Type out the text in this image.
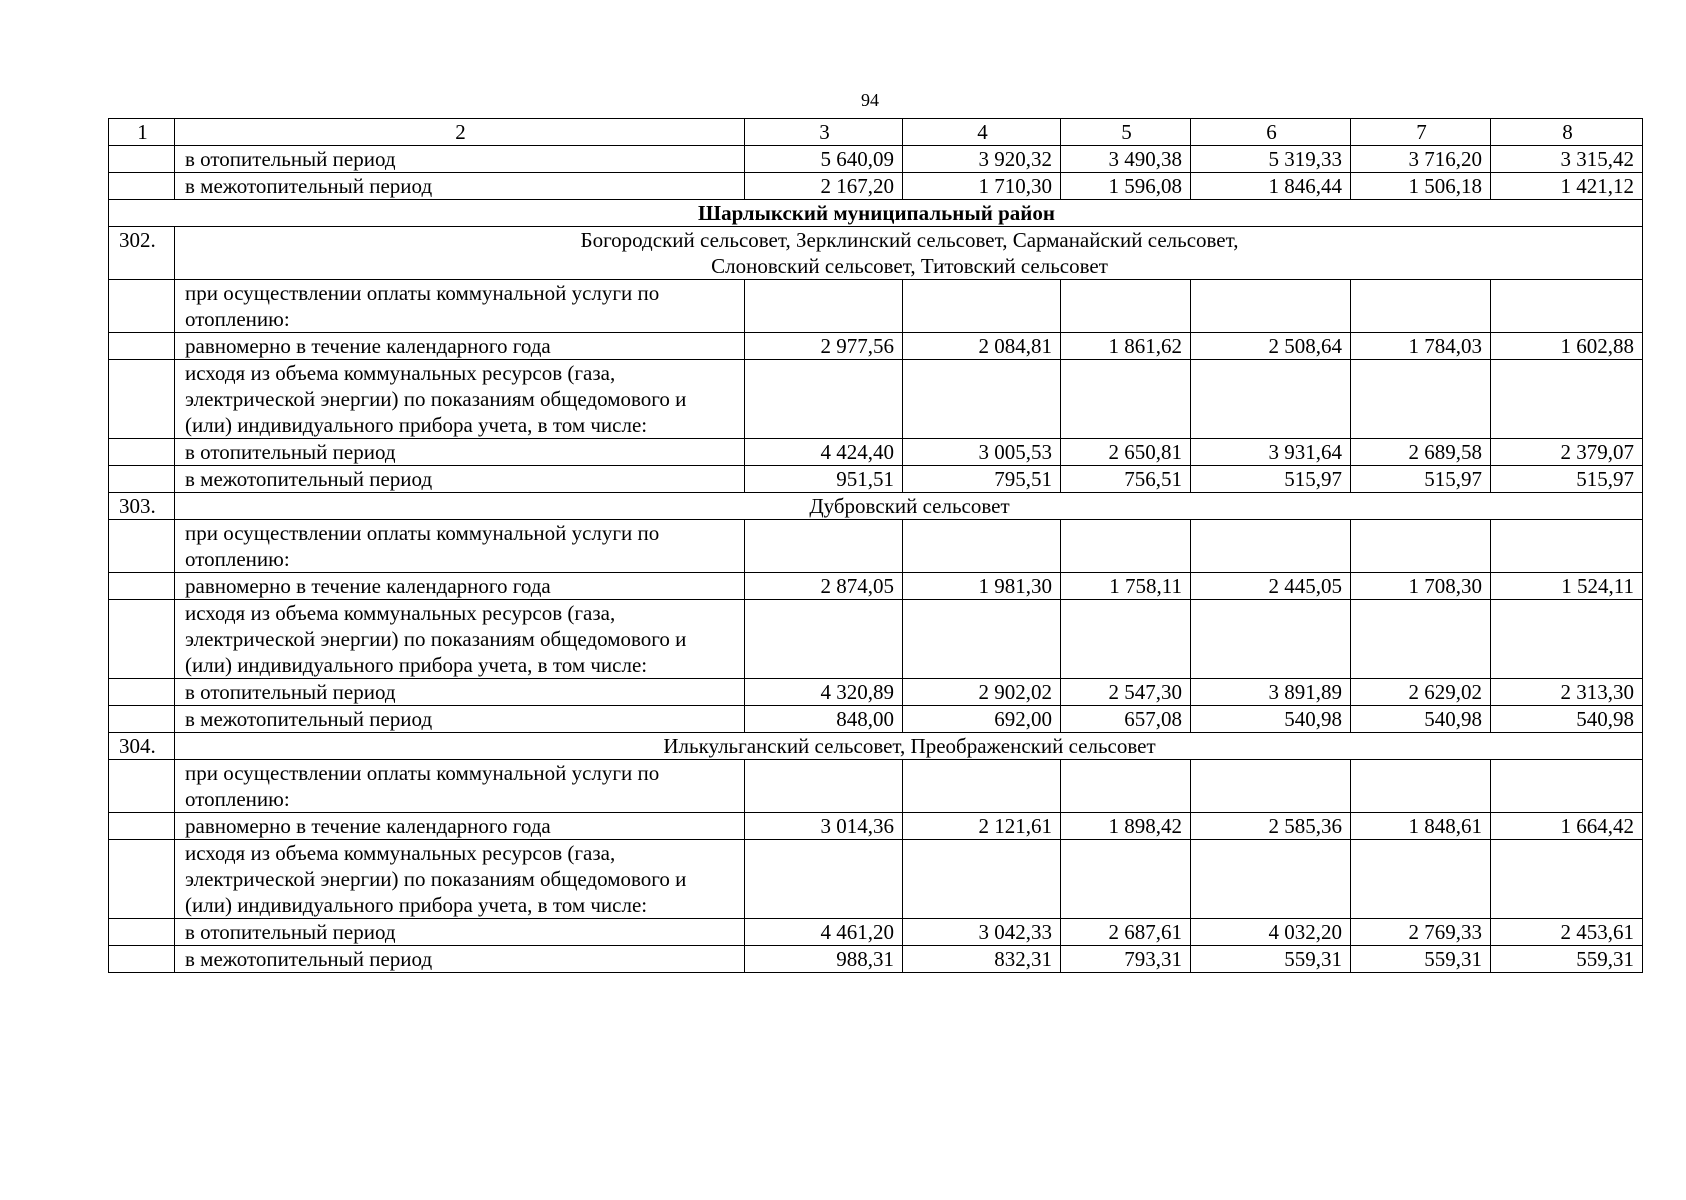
94
1	2	3	4	5	6	7	8
	в отопительный период	5 640,09	3 920,32	3 490,38	5 319,33	3 716,20	3 315,42
	в межотопительный период	2 167,20	1 710,30	1 596,08	1 846,44	1 506,18	1 421,12
Шарлыкский муниципальный район							
302.	Богородский сельсовет, Зерклинский сельсовет, Сарманайский сельсовет,
Слоновский сельсовет, Титовский сельсовет						

	при осуществлении оплаты коммунальной услуги по отоплению:						
	равномерно в течение календарного года	2 977,56	2 084,81	1 861,62	2 508,64	1 784,03	1 602,88
	исходя из объема коммунальных ресурсов (газа, электрической энергии) по показаниям общедомового и (или) индивидуального прибора учета, в том числе:						
	в отопительный период	4 424,40	3 005,53	2 650,81	3 931,64	2 689,58	2 379,07
	в межотопительный период	951,51	795,51	756,51	515,97	515,97	515,97
303.	Дубровский сельсовет						
	при осуществлении оплаты коммунальной услуги по отоплению:						
	равномерно в течение календарного года	2 874,05	1 981,30	1 758,11	2 445,05	1 708,30	1 524,11
	исходя из объема коммунальных ресурсов (газа, электрической энергии) по показаниям общедомового и (или) индивидуального прибора учета, в том числе:						
	в отопительный период	4 320,89	2 902,02	2 547,30	3 891,89	2 629,02	2 313,30
	в межотопительный период	848,00	692,00	657,08	540,98	540,98	540,98
304.	Илькульганский сельсовет, Преображенский сельсовет						
	при осуществлении оплаты коммунальной услуги по отоплению:						
	равномерно в течение календарного года	3 014,36	2 121,61	1 898,42	2 585,36	1 848,61	1 664,42
	исходя из объема коммунальных ресурсов (газа, электрической энергии) по показаниям общедомового и (или) индивидуального прибора учета, в том числе:						
	в отопительный период	4 461,20	3 042,33	2 687,61	4 032,20	2 769,33	2 453,61
	в межотопительный период	988,31	832,31	793,31	559,31	559,31	559,31
